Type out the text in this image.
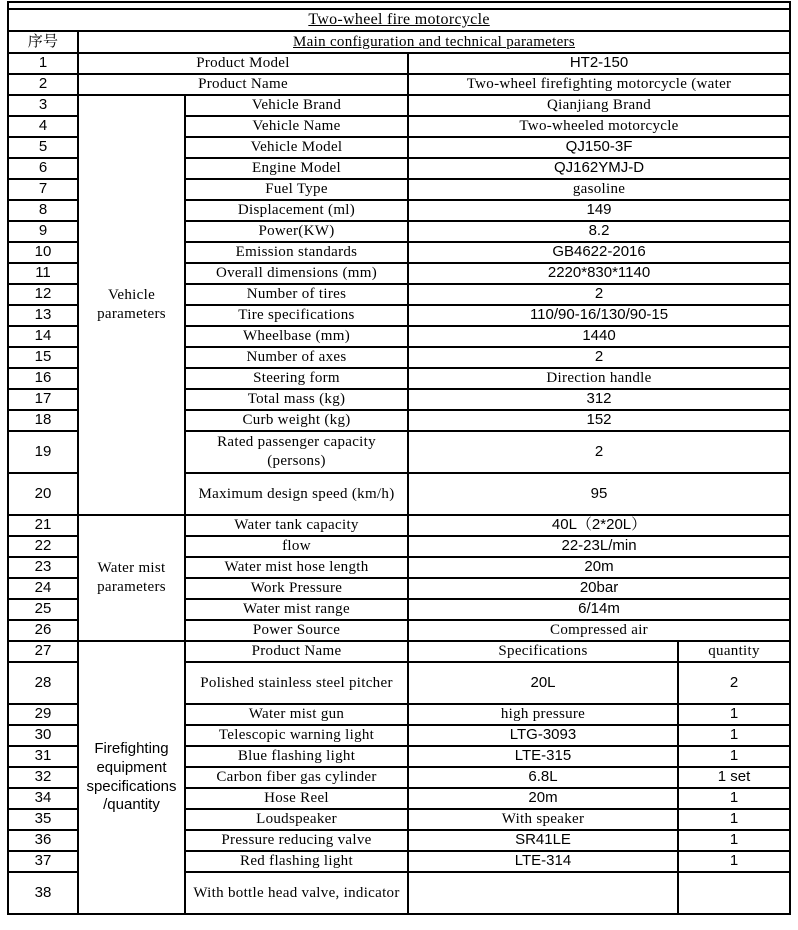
Two-wheel fire motorcycle				
序号	Main configuration and technical parameters			
1	Product Model		HT2-150	
2	Product Name		Two-wheel firefighting motorcycle (water	
3	Vehicle parameters	Vehicle Brand	Qianjiang Brand	
4		Vehicle Name	Two-wheeled motorcycle	
5		Vehicle Model	QJ150-3F	
6		Engine Model	QJ162YMJ-D	
7		Fuel Type	gasoline	
8		Displacement (ml)	149	
9		Power(KW)	8.2	
10		Emission standards	GB4622-2016	
11		Overall dimensions (mm)	2220*830*1140	
12		Number of tires	2	
13		Tire specifications	110/90-16/130/90-15	
14		Wheelbase (mm)	1440	
15		Number of axes	2	
16		Steering form	Direction handle	
17		Total mass (kg)	312	
18		Curb weight (kg)	152	
19		Rated passenger capacity (persons)	2	
20		Maximum design speed (km/h)	95	
21	Water mist parameters	Water tank capacity	40L（2*20L）	
22		flow	22-23L/min	
23		Water mist hose length	20m	
24		Work Pressure	20bar	
25		Water mist range	6/14m	
26		Power Source	Compressed air	
27	Firefighting equipment specifications /quantity	Product Name	Specifications	quantity
28		Polished stainless steel pitcher	20L	2
29		Water mist gun	high pressure	1
30		Telescopic warning light	LTG-3093	1
31		Blue flashing light	LTE-315	1
32		Carbon fiber gas cylinder	6.8L	1 set
34		Hose Reel	20m	1
35		Loudspeaker	With speaker	1
36		Pressure reducing valve	SR41LE	1
37		Red flashing light	LTE-314	1
38		With bottle head valve, indicator		
